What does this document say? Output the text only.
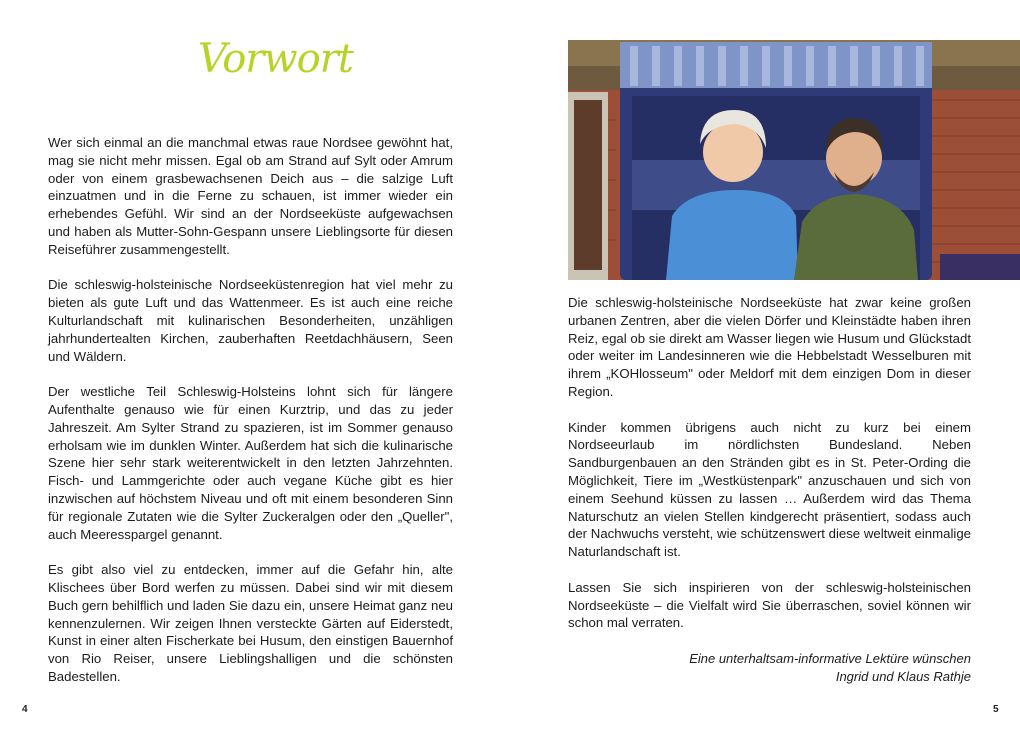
Vorwort

Wer sich einmal an die manchmal etwas raue Nordsee gewöhnt hat, mag sie nicht mehr missen. Egal ob am Strand auf Sylt oder Amrum oder von einem grasbewachsenen Deich aus – die salzige Luft einzuatmen und in die Ferne zu schauen, ist immer wieder ein erhebendes Gefühl. Wir sind an der Nordseeküste aufgewachsen und haben als Mutter-Sohn-Gespann unsere Lieblingsorte für diesen Reiseführer zusammengestellt.

Die schleswig-holsteinische Nordseeküstenregion hat viel mehr zu bieten als gute Luft und das Wattenmeer. Es ist auch eine reiche Kulturlandschaft mit kulinarischen Besonderheiten, unzähligen jahrhundertealten Kirchen, zauberhaften Reetdachhäusern, Seen und Wäldern.

Der westliche Teil Schleswig-Holsteins lohnt sich für längere Aufenthalte genauso wie für einen Kurztrip, und das zu jeder Jahreszeit. Am Sylter Strand zu spazieren, ist im Sommer genauso erholsam wie im dunklen Winter. Außerdem hat sich die kulinarische Szene hier sehr stark weiterentwickelt in den letzten Jahrzehnten. Fisch- und Lammgerichte oder auch vegane Küche gibt es hier inzwischen auf höchstem Niveau und oft mit einem besonderen Sinn für regionale Zutaten wie die Sylter Zuckeralgen oder den „Queller", auch Meeresspargel genannt.

Es gibt also viel zu entdecken, immer auf die Gefahr hin, alte Klischees über Bord werfen zu müssen. Dabei sind wir mit diesem Buch gern behilflich und laden Sie dazu ein, unsere Heimat ganz neu kennenzulernen. Wir zeigen Ihnen versteckte Gärten auf Eiderstedt, Kunst in einer alten Fischerkate bei Husum, den einstigen Bauernhof von Rio Reiser, unsere Lieblingshalligen und die schönsten Badestellen.

4

Die schleswig-holsteinische Nordseeküste hat zwar keine großen urbanen Zentren, aber die vielen Dörfer und Kleinstädte haben ihren Reiz, egal ob sie direkt am Wasser liegen wie Husum und Glückstadt oder weiter im Landesinneren wie die Hebbelstadt Wesselburen mit ihrem „KOHlosseum" oder Meldorf mit dem einzigen Dom in dieser Region.

Kinder kommen übrigens auch nicht zu kurz bei einem Nordseeurlaub im nördlichsten Bundesland. Neben Sandburgenbauen an den Stränden gibt es in St. Peter-Ording die Möglichkeit, Tiere im „Westküstenpark" anzuschauen und sich von einem Seehund küssen zu lassen … Außerdem wird das Thema Naturschutz an vielen Stellen kindgerecht präsentiert, sodass auch der Nachwuchs versteht, wie schützenswert diese weltweit einmalige Naturlandschaft ist.

Lassen Sie sich inspirieren von der schleswig-holsteinischen Nordseeküste – die Vielfalt wird Sie überraschen, soviel können wir schon mal verraten.

Eine unterhaltsam-informative Lektüre wünschen

Ingrid und Klaus Rathje

5
